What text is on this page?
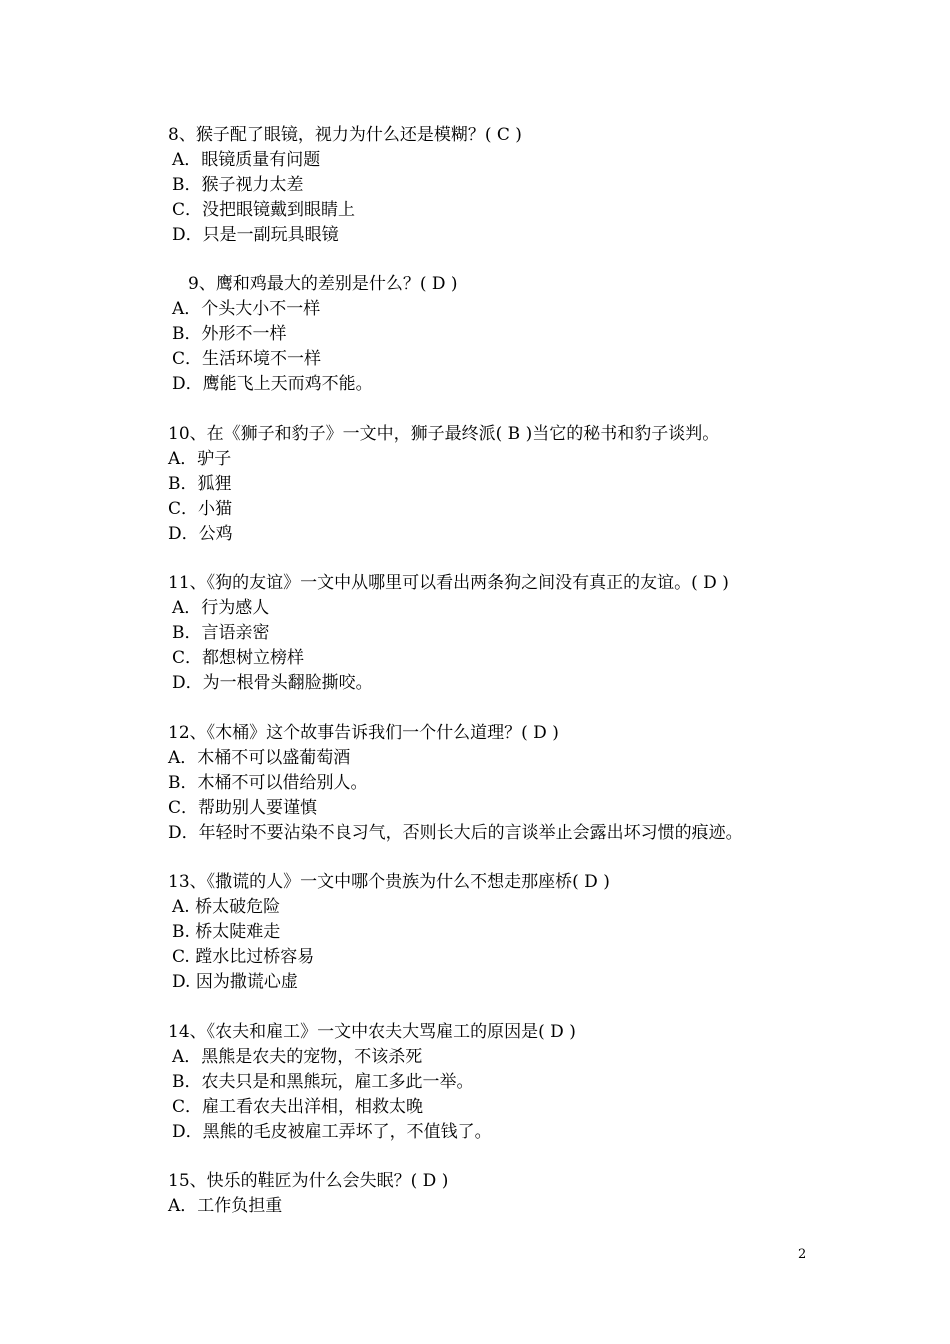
8、猴子配了眼镜，视力为什么还是模糊？( C )
A．眼镜质量有问题
B．猴子视力太差
C．没把眼镜戴到眼睛上
D．只是一副玩具眼镜
9、鹰和鸡最大的差别是什么？( D )
A．个头大小不一样
B．外形不一样
C．生活环境不一样
D．鹰能飞上天而鸡不能。
10、在《狮子和豹子》一文中，狮子最终派( B )当它的秘书和豹子谈判。
A．驴子
B．狐狸
C．小猫
D．公鸡
11、《狗的友谊》一文中从哪里可以看出两条狗之间没有真正的友谊。( D )
A．行为感人
B．言语亲密
C．都想树立榜样
D．为一根骨头翻脸撕咬。
12、《木桶》这个故事告诉我们一个什么道理？( D )
A．木桶不可以盛葡萄酒
B．木桶不可以借给别人。
C．帮助别人要谨慎
D．年轻时不要沾染不良习气，否则长大后的言谈举止会露出坏习惯的痕迹。
13、《撒谎的人》一文中哪个贵族为什么不想走那座桥( D )
A. 桥太破危险
B. 桥太陡难走
C. 蹚水比过桥容易
D. 因为撒谎心虚
14、《农夫和雇工》一文中农夫大骂雇工的原因是( D )
A．黑熊是农夫的宠物，不该杀死
B．农夫只是和黑熊玩，雇工多此一举。
C．雇工看农夫出洋相，相救太晚
D．黑熊的毛皮被雇工弄坏了，不值钱了。
15、快乐的鞋匠为什么会失眠？( D )
A．工作负担重
2
